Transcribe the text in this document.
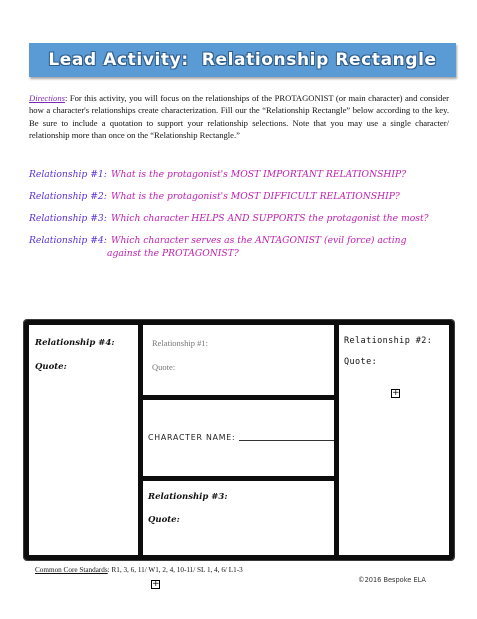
Lead Activity:  Relationship Rectangle
Directions: For this activity, you will focus on the relationships of the PROTAGONIST (or main character) and consider how a character's relationships create characterization. Fill our the “Relationship Rectangle” below according to the key. Be sure to include a quotation to support your relationship selections. Note that you may use a single character/ relationship more than once on the “Relationship Rectangle.”
Relationship #1: What is the protagonist's MOST IMPORTANT RELATIONSHIP?
Relationship #2: What is the protagonist's MOST DIFFICULT RELATIONSHIP?
Relationship #3: Which character HELPS AND SUPPORTS the protagonist the most?
Relationship #4: Which character serves as the ANTAGONIST (evil force) acting
against the PROTAGONIST?
Relationship #4:
Quote:
Relationship #1:
Quote:
Relationship #2:
Quote:
+
CHARACTER NAME:
Relationship #3:
Quote:
Common Core Standards: R1, 3, 6, 11/ W1, 2, 4, 10-11/ SL 1, 4, 6/ L1-3
+	©2016 Bespoke ELA
